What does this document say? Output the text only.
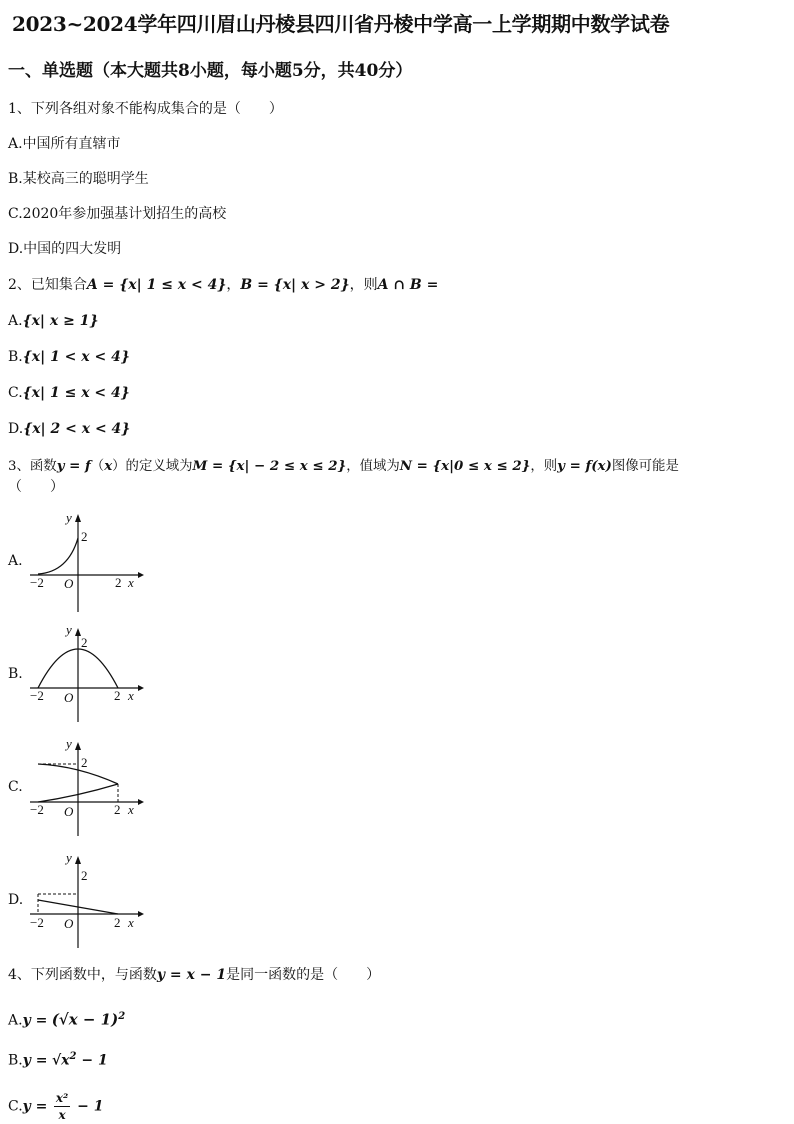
2023~2024学年四川眉山丹棱县四川省丹棱中学高一上学期期中数学试卷
一、单选题（本大题共8小题，每小题5分，共40分）
1、下列各组对象不能构成集合的是（　　）
A.中国所有直辖市
B.某校高三的聪明学生
C.2020年参加强基计划招生的高校
D.中国的四大发明
2、已知集合A = {x| 1 ≤ x < 4}，B = {x| x > 2}，则A ∩ B =
A.{x| x ≥ 1}
B.{x| 1 < x < 4}
C.{x| 1 ≤ x < 4}
D.{x| 2 < x < 4}
3、函数y = f（x）的定义域为M = {x| − 2 ≤ x ≤ 2}，值域为N = {x|0 ≤ x ≤ 2}，则y = f(x)图像可能是
（　　）
A.
y
2
−2 O	2 x
B.
y
2
−2 O	2 x
C.
y
2
−2 O	2 x
D.
y
2
−2 O	2 x
4、下列函数中，与函数y = x − 1是同一函数的是（　　）
$A.y = (√x - 1)^2$
$B.y = √x^2 - 1$
$C.y = \frac{\text{x²}}{x} - 1$
